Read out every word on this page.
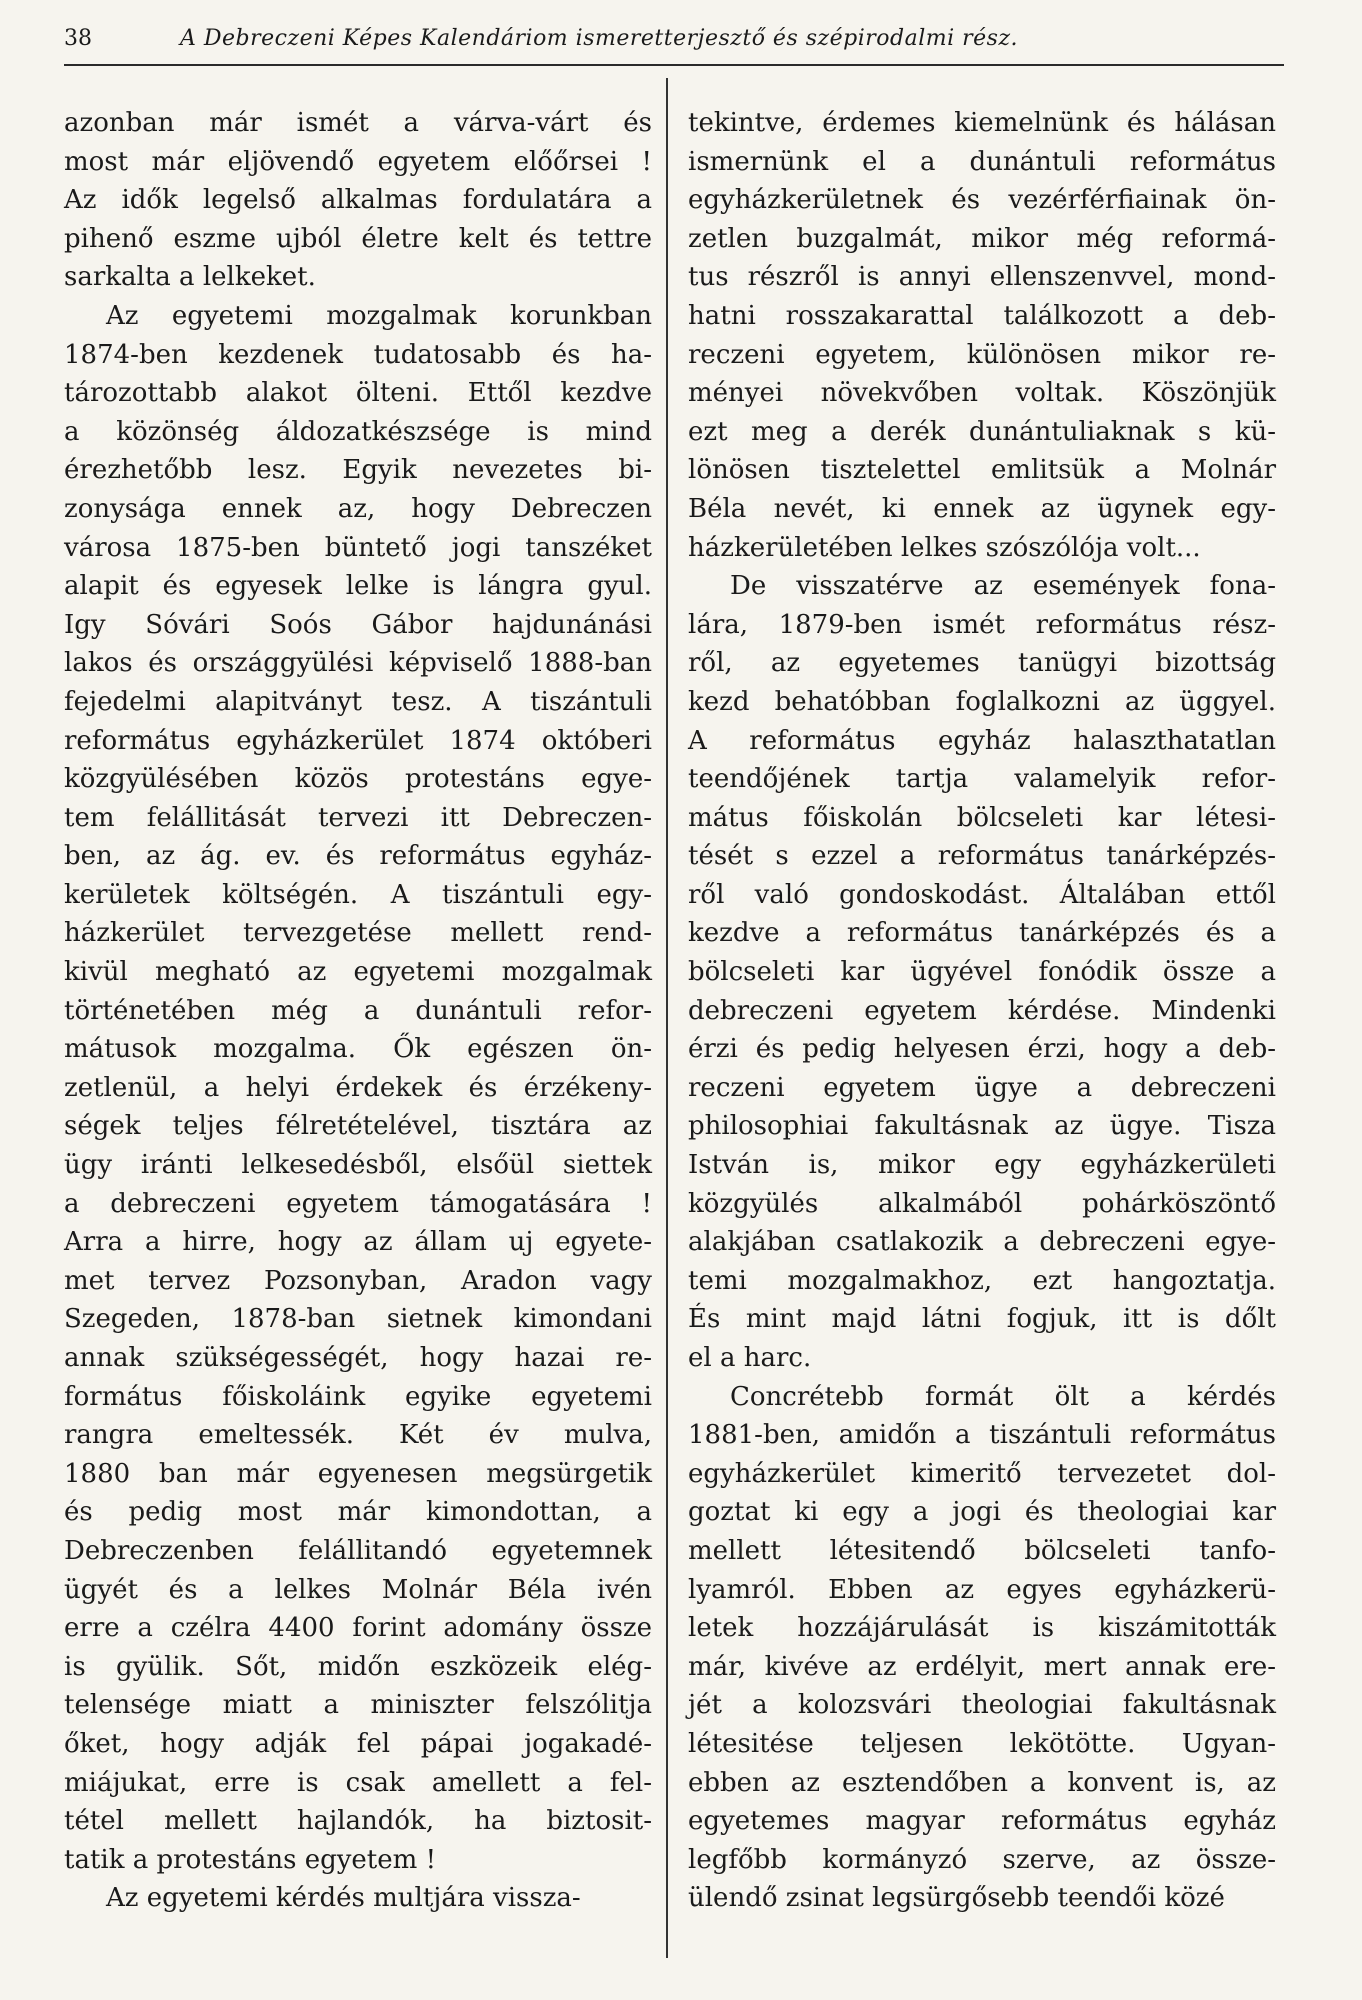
38	A Debreczeni Képes Kalendáriom ismeretterjesztő és szépirodalmi rész.
azonban már ismét a várva-várt és
most már eljövendő egyetem előőrsei !
Az idők legelső alkalmas fordulatára a
pihenő eszme ujból életre kelt és tettre
sarkalta a lelkeket.
Az egyetemi mozgalmak korunkban
1874-ben kezdenek tudatosabb és ha-
tározottabb alakot ölteni. Ettől kezdve
a közönség áldozatkészsége is mind
érezhetőbb lesz. Egyik nevezetes bi-
zonysága ennek az, hogy Debreczen
városa 1875-ben büntető jogi tanszéket
alapit és egyesek lelke is lángra gyul.
Igy Sóvári Soós Gábor hajdunánási
lakos és országgyülési képviselő 1888-ban
fejedelmi alapitványt tesz. A tiszántuli
református egyházkerület 1874 októberi
közgyülésében közös protestáns egye-
tem felállitását tervezi itt Debreczen-
ben, az ág. ev. és református egyház-
kerületek költségén. A tiszántuli egy-
házkerület tervezgetése mellett rend-
kivül megható az egyetemi mozgalmak
történetében még a dunántuli refor-
mátusok mozgalma. Ők egészen ön-
zetlenül, a helyi érdekek és érzékeny-
ségek teljes félretételével, tisztára az
ügy iránti lelkesedésből, elsőül siettek
a debreczeni egyetem támogatására !
Arra a hirre, hogy az állam uj egyete-
met tervez Pozsonyban, Aradon vagy
Szegeden, 1878-ban sietnek kimondani
annak szükségességét, hogy hazai re-
formátus főiskoláink egyike egyetemi
rangra emeltessék. Két év mulva,
1880 ban már egyenesen megsürgetik
és pedig most már kimondottan, a
Debreczenben felállitandó egyetemnek
ügyét és a lelkes Molnár Béla ivén
erre a czélra 4400 forint adomány össze
is gyülik. Sőt, midőn eszközeik elég-
telensége miatt a miniszter felszólitja
őket, hogy adják fel pápai jogakadé-
miájukat, erre is csak amellett a fel-
tétel mellett hajlandók, ha biztosit-
tatik a protestáns egyetem !
Az egyetemi kérdés multjára vissza-
tekintve, érdemes kiemelnünk és hálásan
ismernünk el a dunántuli református
egyházkerületnek és vezérférfiainak ön-
zetlen buzgalmát, mikor még reformá-
tus részről is annyi ellenszenvvel, mond-
hatni rosszakarattal találkozott a deb-
reczeni egyetem, különösen mikor re-
ményei növekvőben voltak. Köszönjük
ezt meg a derék dunántuliaknak s kü-
lönösen tisztelettel emlitsük a Molnár
Béla nevét, ki ennek az ügynek egy-
házkerületében lelkes szószólója volt...
De visszatérve az események fona-
lára, 1879-ben ismét református rész-
ről, az egyetemes tanügyi bizottság
kezd behatóbban foglalkozni az üggyel.
A református egyház halaszthatatlan
teendőjének tartja valamelyik refor-
mátus főiskolán bölcseleti kar létesi-
tését s ezzel a református tanárképzés-
ről való gondoskodást. Általában ettől
kezdve a református tanárképzés és a
bölcseleti kar ügyével fonódik össze a
debreczeni egyetem kérdése. Mindenki
érzi és pedig helyesen érzi, hogy a deb-
reczeni egyetem ügye a debreczeni
philosophiai fakultásnak az ügye. Tisza
István is, mikor egy egyházkerületi
közgyülés alkalmából pohárköszöntő
alakjában csatlakozik a debreczeni egye-
temi mozgalmakhoz, ezt hangoztatja.
És mint majd látni fogjuk, itt is dőlt
el a harc.
Concrétebb formát ölt a kérdés
1881-ben, amidőn a tiszántuli református
egyházkerület kimeritő tervezetet dol-
goztat ki egy a jogi és theologiai kar
mellett létesitendő bölcseleti tanfo-
lyamról. Ebben az egyes egyházkerü-
letek hozzájárulását is kiszámitották
már, kivéve az erdélyit, mert annak ere-
jét a kolozsvári theologiai fakultásnak
létesitése teljesen lekötötte. Ugyan-
ebben az esztendőben a konvent is, az
egyetemes magyar református egyház
legfőbb kormányzó szerve, az össze-
ülendő zsinat legsürgősebb teendői közé
